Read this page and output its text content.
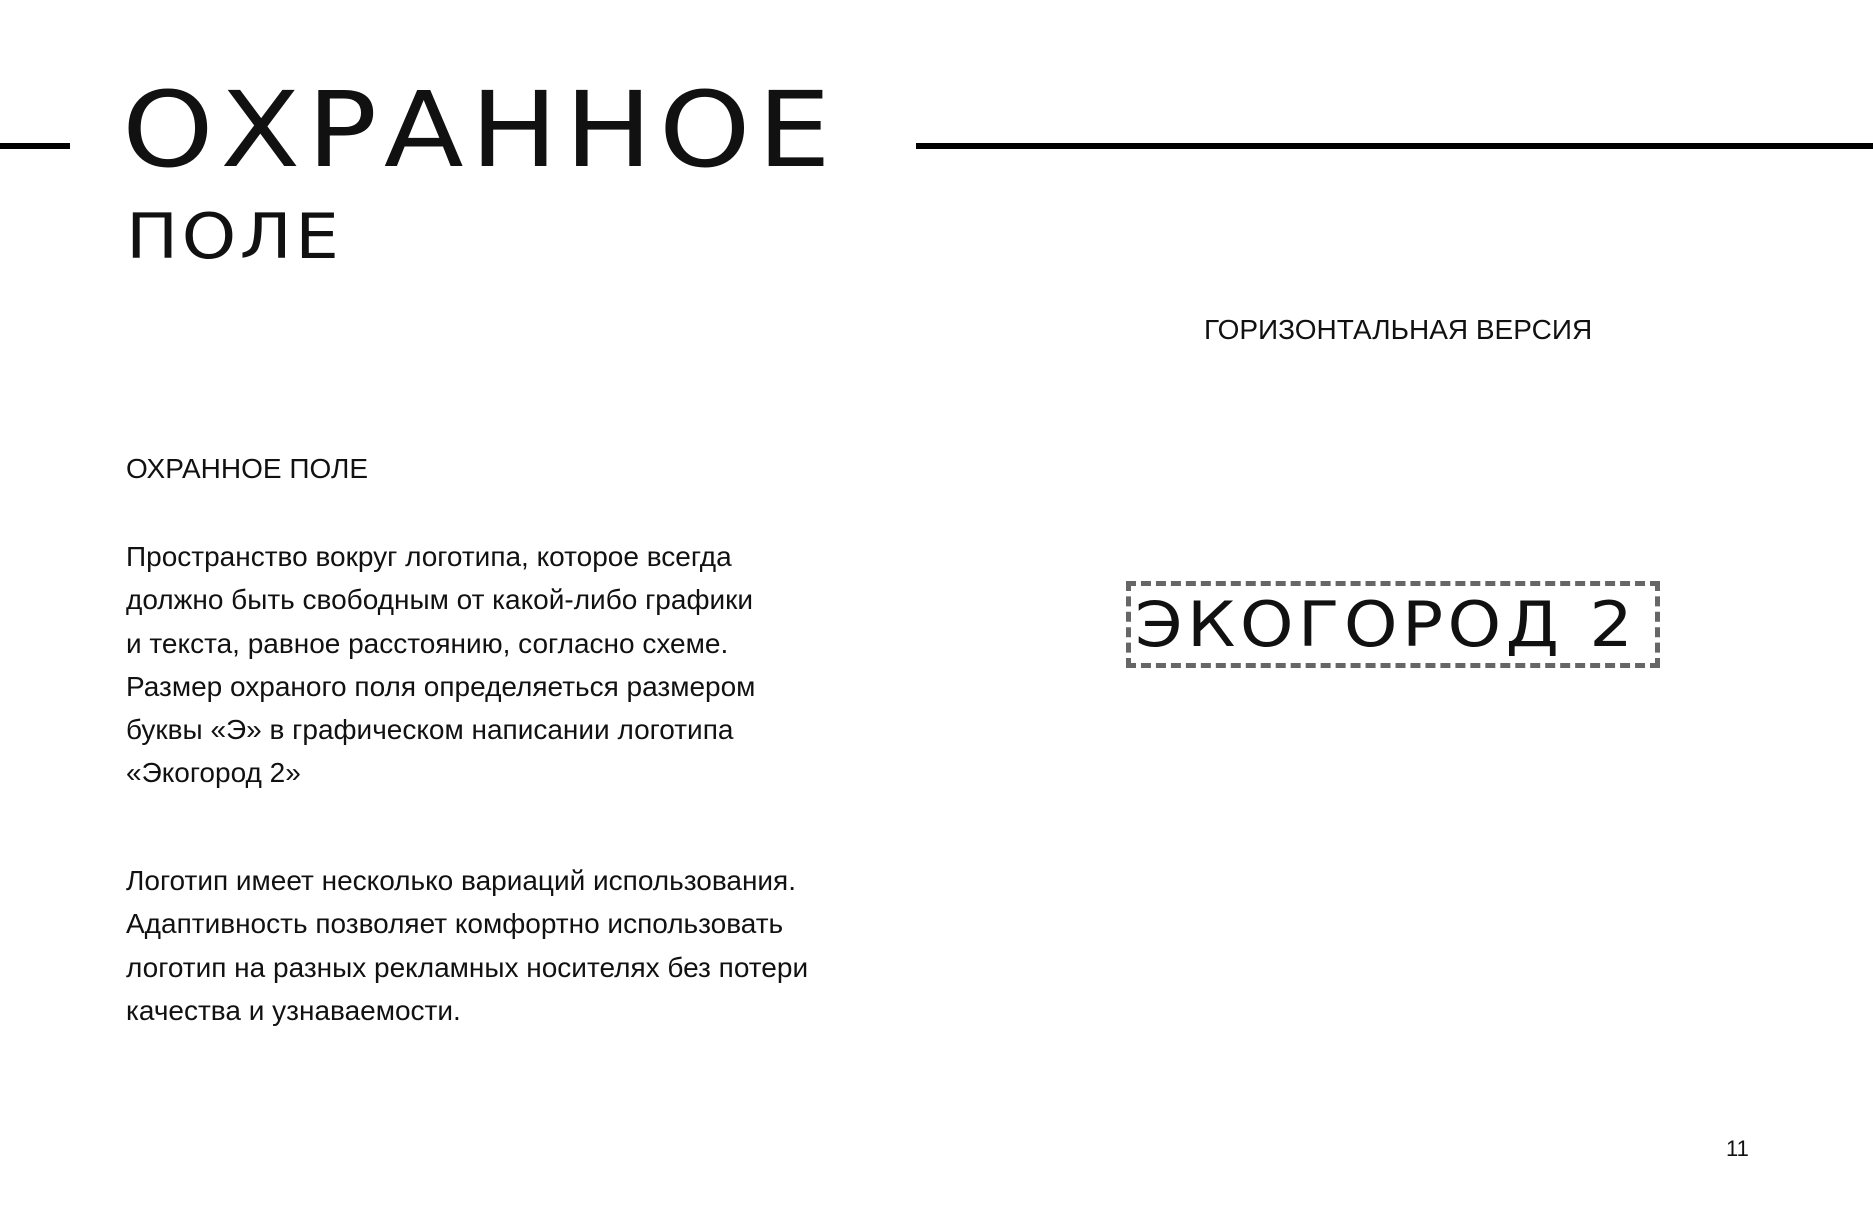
ОХРАННОЕ
ПОЛЕ
ГОРИЗОНТАЛЬНАЯ ВЕРСИЯ
ОХРАННОЕ ПОЛЕ

Пространство вокруг логотипа, которое всегда
должно быть свободным от какой-либо графики
и текста, равное расстоянию, согласно схеме.
Размер охраного поля определяеться размером
буквы «Э» в графическом написании логотипа
«Экогород 2»

Логотип имеет несколько вариаций использования.
Адаптивность позволяет комфортно использовать
логотип на разных рекламных носителях без потери
качества и узнаваемости.

ЭКОГОРОД 2
11
